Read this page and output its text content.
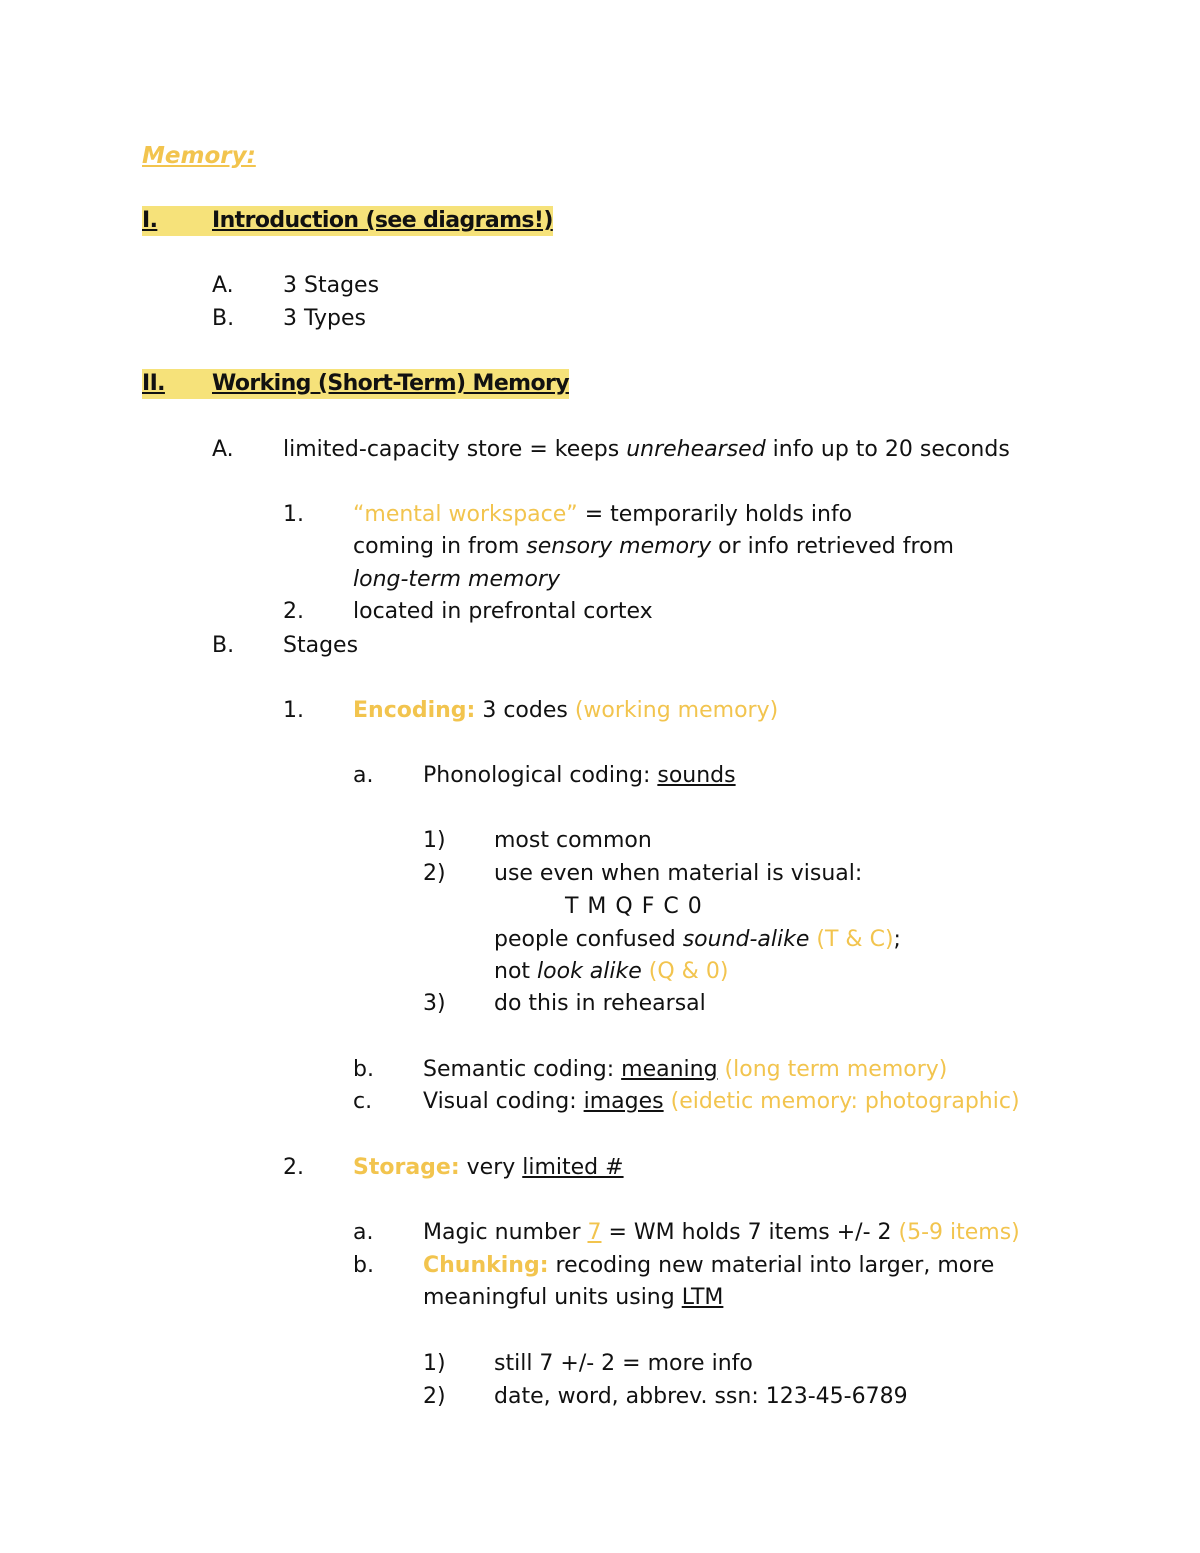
Memory:
I.	Introduction (see diagrams!)
A. 3 Stages
B. 3 Types
II.	Working (Short-Term) Memory
A. limited-capacity store = keeps unrehearsed info up to 20 seconds
1. “mental workspace” = temporarily holds info
coming in from sensory memory or info retrieved from
long-term memory
2. located in prefrontal cortex
B. Stages
1. Encoding: 3 codes (working memory)
a. Phonological coding: sounds
1) most common
2) use even when material is visual:
T M Q F C 0
people confused sound-alike (T & C);
not look alike (Q & 0)
3) do this in rehearsal
b. Semantic coding: meaning (long term memory)
c. Visual coding: images (eidetic memory: photographic)
2. Storage: very limited #
a. Magic number 7 = WM holds 7 items +/- 2 (5-9 items)
b. Chunking: recoding new material into larger, more
meaningful units using LTM
1) still 7 +/- 2 = more info
2) date, word, abbrev. ssn: 123-45-6789
